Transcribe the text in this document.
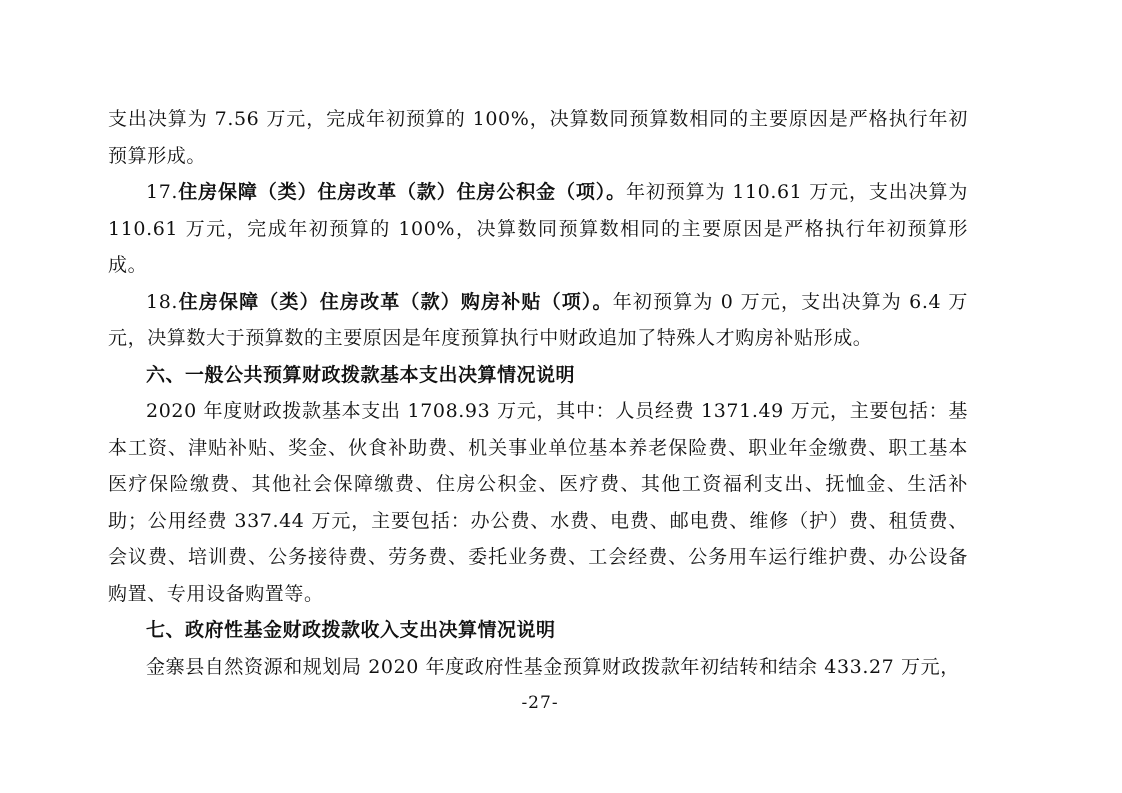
支出决算为 7.56 万元，完成年初预算的 100%，决算数同预算数相同的主要原因是严格执行年初预算形成。

17.住房保障（类）住房改革（款）住房公积金（项）。年初预算为 110.61 万元，支出决算为 110.61 万元，完成年初预算的 100%，决算数同预算数相同的主要原因是严格执行年初预算形成。

18.住房保障（类）住房改革（款）购房补贴（项）。年初预算为 0 万元，支出决算为 6.4 万元，决算数大于预算数的主要原因是年度预算执行中财政追加了特殊人才购房补贴形成。

六、一般公共预算财政拨款基本支出决算情况说明

2020 年度财政拨款基本支出 1708.93 万元，其中：人员经费 1371.49 万元，主要包括：基本工资、津贴补贴、奖金、伙食补助费、机关事业单位基本养老保险费、职业年金缴费、职工基本医疗保险缴费、其他社会保障缴费、住房公积金、医疗费、其他工资福利支出、抚恤金、生活补助；公用经费 337.44 万元，主要包括：办公费、水费、电费、邮电费、维修（护）费、租赁费、会议费、培训费、公务接待费、劳务费、委托业务费、工会经费、公务用车运行维护费、办公设备购置、专用设备购置等。

七、政府性基金财政拨款收入支出决算情况说明

金寨县自然资源和规划局 2020 年度政府性基金预算财政拨款年初结转和结余 433.27 万元，

-27-
